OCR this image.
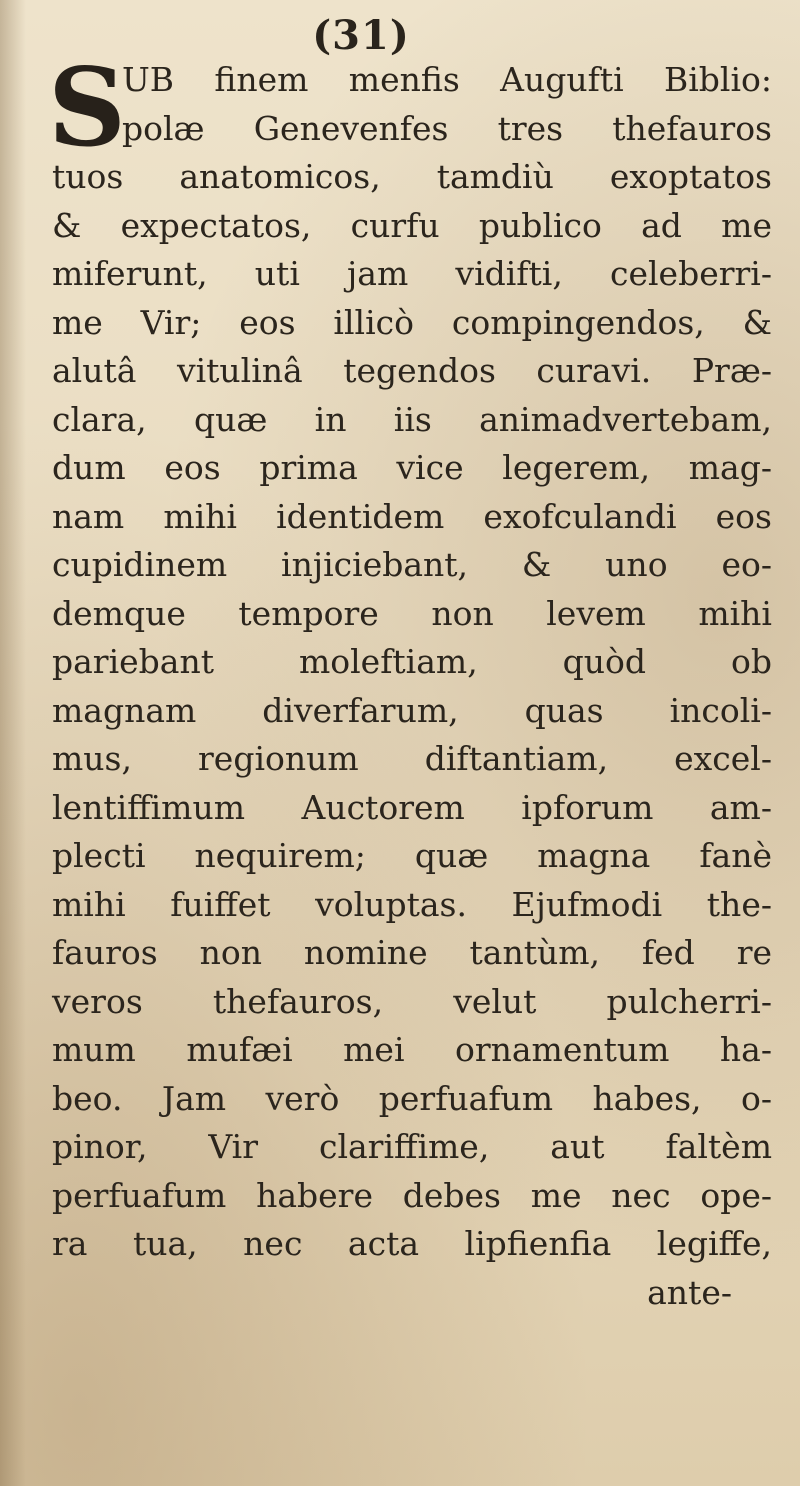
(31)
S
UB finem menfis Augufti Biblio:
polæ Genevenfes tres thefauros
tuos anatomicos, tamdiù exoptatos
& expectatos, curfu publico ad me
miferunt, uti jam vidifti, celeberri-
me Vir; eos illicò compingendos, &
alutâ vitulinâ tegendos curavi. Præ-
clara, quæ in iis animadvertebam,
dum eos prima vice legerem, mag-
nam mihi identidem exofculandi eos
cupidinem injiciebant, & uno eo-
demque tempore non levem mihi
pariebant moleftiam, quòd ob
magnam diverfarum, quas incoli-
mus, regionum diftantiam, excel-
lentiffimum Auctorem ipforum am-
plecti nequirem; quæ magna fanè
mihi fuiffet voluptas. Ejufmodi the-
fauros non nomine tantùm, fed re
veros thefauros, velut pulcherri-
mum mufæi mei ornamentum ha-
beo. Jam verò perfuafum habes, o-
pinor, Vir clariffime, aut faltèm
perfuafum habere debes me nec ope-
ra tua, nec acta lipfienfia legiffe,
ante-
